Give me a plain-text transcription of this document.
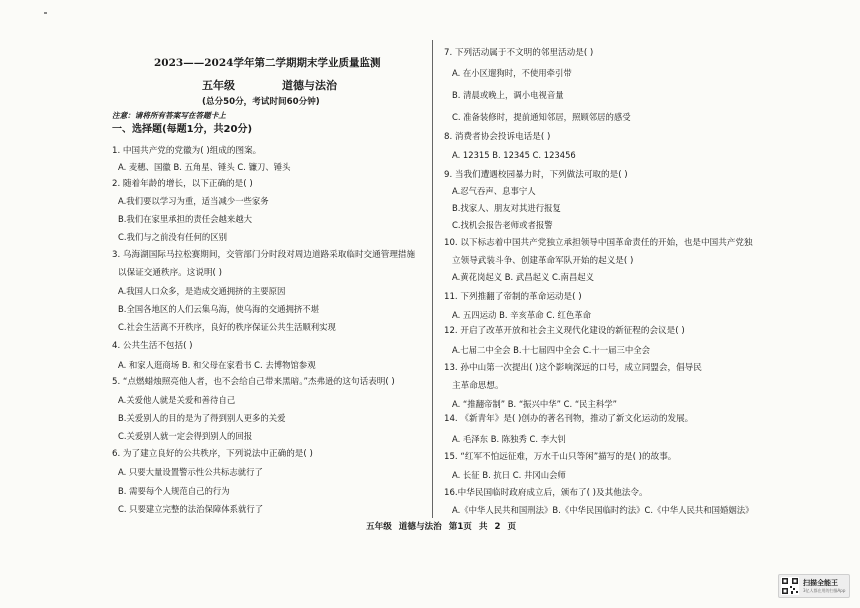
2023——2024学年第二学期期末学业质量监测
五年级	道德与法治
(总分50分，考试时间60分钟)
注意：请将所有答案写在答题卡上
一、选择题(每题1分，共20分)
1. 中国共产党的党徽为( )组成的图案。
A. 麦穗、国徽 B. 五角星、锤头 C. 镰刀、锤头
2. 随着年龄的增长，以下正确的是( )
A.我们要以学习为重，适当减少一些家务
B.我们在家里承担的责任会越来越大
C.我们与之前没有任何的区别
3. 乌海湖国际马拉松赛期间，交管部门分时段对周边道路采取临时交通管理措施
以保证交通秩序。这说明( )
A.我国人口众多，是造成交通拥挤的主要原因
B.全国各地区的人们云集乌海，使乌海的交通拥挤不堪
C.社会生活离不开秩序，良好的秩序保证公共生活顺利实现
4. 公共生活不包括( )
A. 和家人逛商场 B. 和父母在家看书 C. 去博物馆参观
5. “点燃蜡烛照亮他人者，也不会给自己带来黑暗。”杰弗逊的这句话表明( )
A.关爱他人就是关爱和善待自己
B.关爱别人的目的是为了得到别人更多的关爱
C.关爱别人就一定会得到别人的回报
6. 为了建立良好的公共秩序，下列说法中正确的是( )
A. 只要大量设置警示性公共标志就行了
B. 需要每个人规范自己的行为
C. 只要建立完整的法治保障体系就行了
7. 下列活动属于不文明的邻里活动是( )
A. 在小区遛狗时，不使用牵引带
B. 清晨或晚上，调小电视音量
C. 准备装修时，提前通知邻居，照顾邻居的感受
8. 消费者协会投诉电话是( )
A. 12315 B. 12345 C. 123456
9. 当我们遭遇校园暴力时，下列做法可取的是( )
A.忍气吞声、息事宁人
B.找家人、朋友对其进行报复
C.找机会报告老师或者报警
10. 以下标志着中国共产党独立承担领导中国革命责任的开始，也是中国共产党独
立领导武装斗争、创建革命军队开始的起义是( )
A.黄花岗起义 B. 武昌起义 C.南昌起义
11. 下列推翻了帝制的革命运动是( )
A. 五四运动 B. 辛亥革命 C. 红色革命
12. 开启了改革开放和社会主义现代化建设的新征程的会议是( )
A.七届二中全会 B.十七届四中全会 C.十一届三中全会
13. 孙中山第一次提出( )这个影响深远的口号，成立同盟会，倡导民
主革命思想。
A. “推翻帝制” B. “振兴中华” C. “民主科学”
14. 《新青年》是( )创办的著名刊物，推动了新文化运动的发展。
A. 毛泽东 B. 陈独秀 C. 李大钊
15. “红军不怕远征难，万水千山只等闲”描写的是( )的故事。
A. 长征 B. 抗日 C. 井冈山会师
16.中华民国临时政府成立后，颁布了( )及其他法令。
A.《中华人民共和国刑法》B.《中华民国临时约法》C.《中华人民共和国婚姻法》
五年级 道德与法治 第1页 共 2 页
扫描全能王
3亿人都在用的扫描App
